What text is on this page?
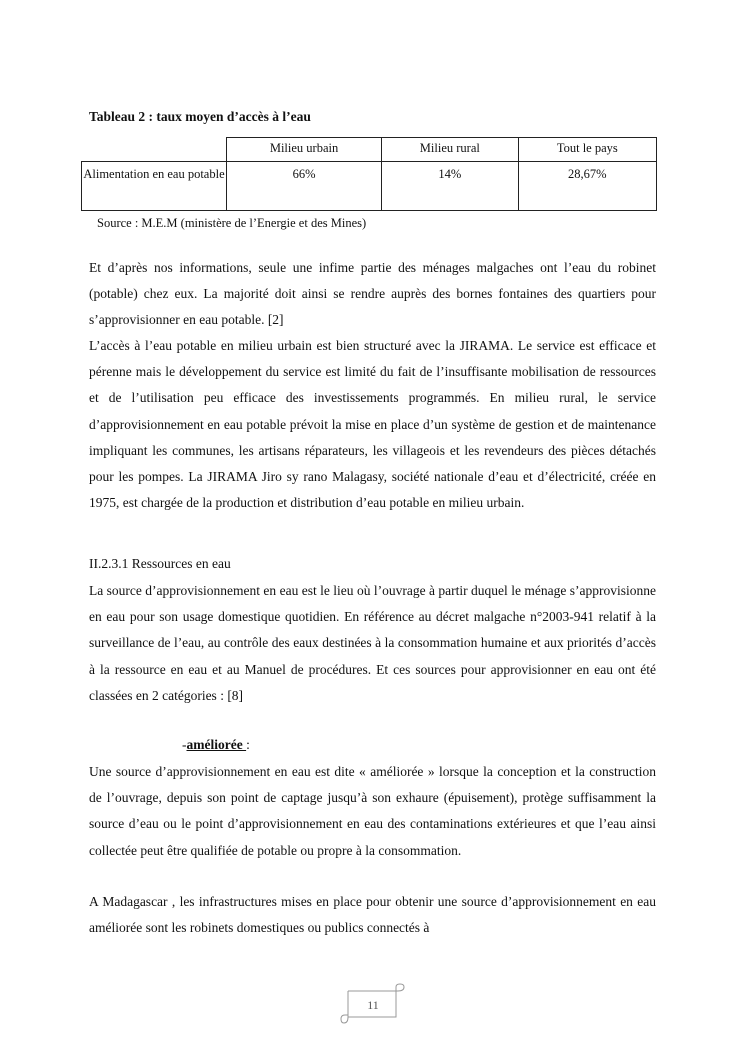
Tableau 2 : taux moyen d’accès à l’eau
	Milieu urbain	Milieu rural	Tout le pays
Alimentation en eau potable	66%	14%	28,67%
Source : M.E.M (ministère de l’Energie et des Mines)
Et d’après nos informations, seule une infime partie des ménages malgaches ont l’eau du robinet (potable) chez eux. La majorité doit ainsi se rendre auprès des bornes fontaines des quartiers pour s’approvisionner en eau potable. [2]
L’accès à l’eau potable en milieu urbain est bien structuré avec la JIRAMA. Le service est efficace et pérenne mais le développement du service est limité du fait de l’insuffisante mobilisation de ressources et de l’utilisation peu efficace des investissements programmés. En milieu rural, le service d’approvisionnement en eau potable prévoit la mise en place d’un système de gestion et de maintenance impliquant les communes, les artisans réparateurs, les villageois et les revendeurs des pièces détachés pour les pompes. La JIRAMA Jiro sy rano Malagasy, société nationale d’eau et d’électricité, créée en 1975, est chargée de la production et distribution d’eau potable en milieu urbain.
II.2.3.1 Ressources en eau
La source d’approvisionnement en eau est le lieu où l’ouvrage à partir duquel le ménage s’approvisionne en eau pour son usage domestique quotidien. En référence au décret malgache n°2003-941 relatif à la surveillance de l’eau, au contrôle des eaux destinées à la consommation humaine et aux priorités d’accès à la ressource en eau et au Manuel de procédures. Et ces sources pour approvisionner en eau ont été classées en 2 catégories : [8]
-améliorée :
Une source d’approvisionnement en eau est dite « améliorée » lorsque la conception et la construction de l’ouvrage, depuis son point de captage jusqu’à son exhaure (épuisement), protège suffisamment la source d’eau ou le point d’approvisionnement en eau des contaminations extérieures et que l’eau ainsi collectée peut être qualifiée de potable ou propre à la consommation.
A Madagascar , les infrastructures mises en place pour obtenir une source d’approvisionnement en eau améliorée sont les robinets domestiques ou publics connectés à
11
